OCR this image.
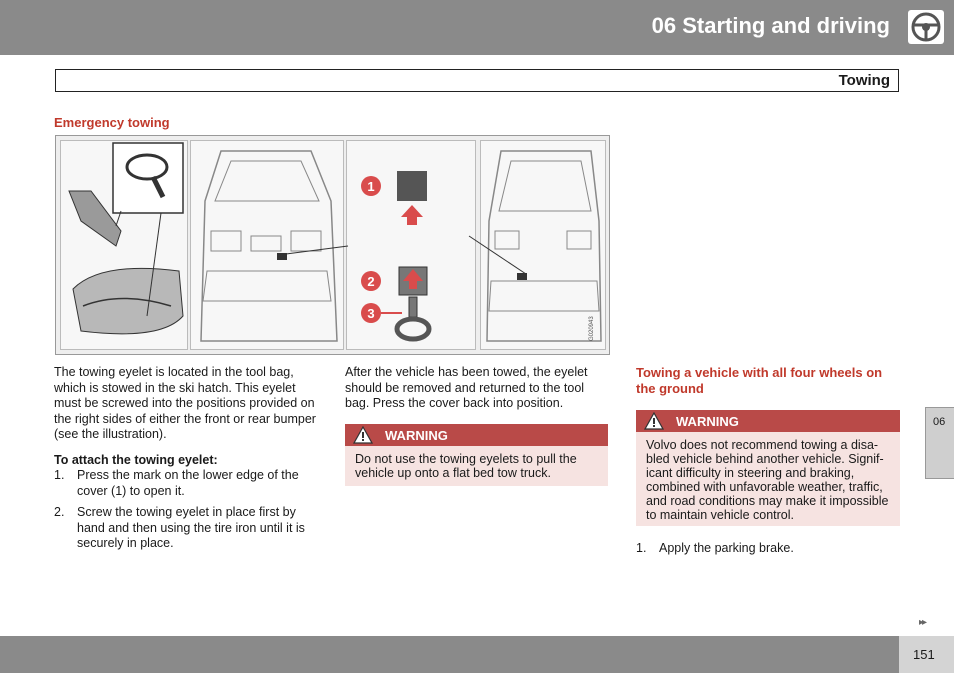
06 Starting and driving
Towing
Emergency towing
1
2
3
G020943
The towing eyelet is located in the tool bag, which is stowed in the ski hatch. This eyelet must be screwed into the positions provided on the right sides of either the front or rear bumper (see the illustration).
To attach the towing eyelet:
1.	Press the mark on the lower edge of the cover (1) to open it.
2.	Screw the towing eyelet in place first by hand and then using the tire iron until it is securely in place.
After the vehicle has been towed, the eyelet should be removed and returned to the tool bag. Press the cover back into position.
WARNING
Do not use the towing eyelets to pull the vehicle up onto a flat bed tow truck.
Towing a vehicle with all four wheels on the ground
WARNING
Volvo does not recommend towing a disa-bled vehicle behind another vehicle. Signif-icant difficulty in steering and braking, combined with unfavorable weather, traffic, and road conditions may make it impossible to maintain vehicle control.
1.	Apply the parking brake.
06
▸▸
151
